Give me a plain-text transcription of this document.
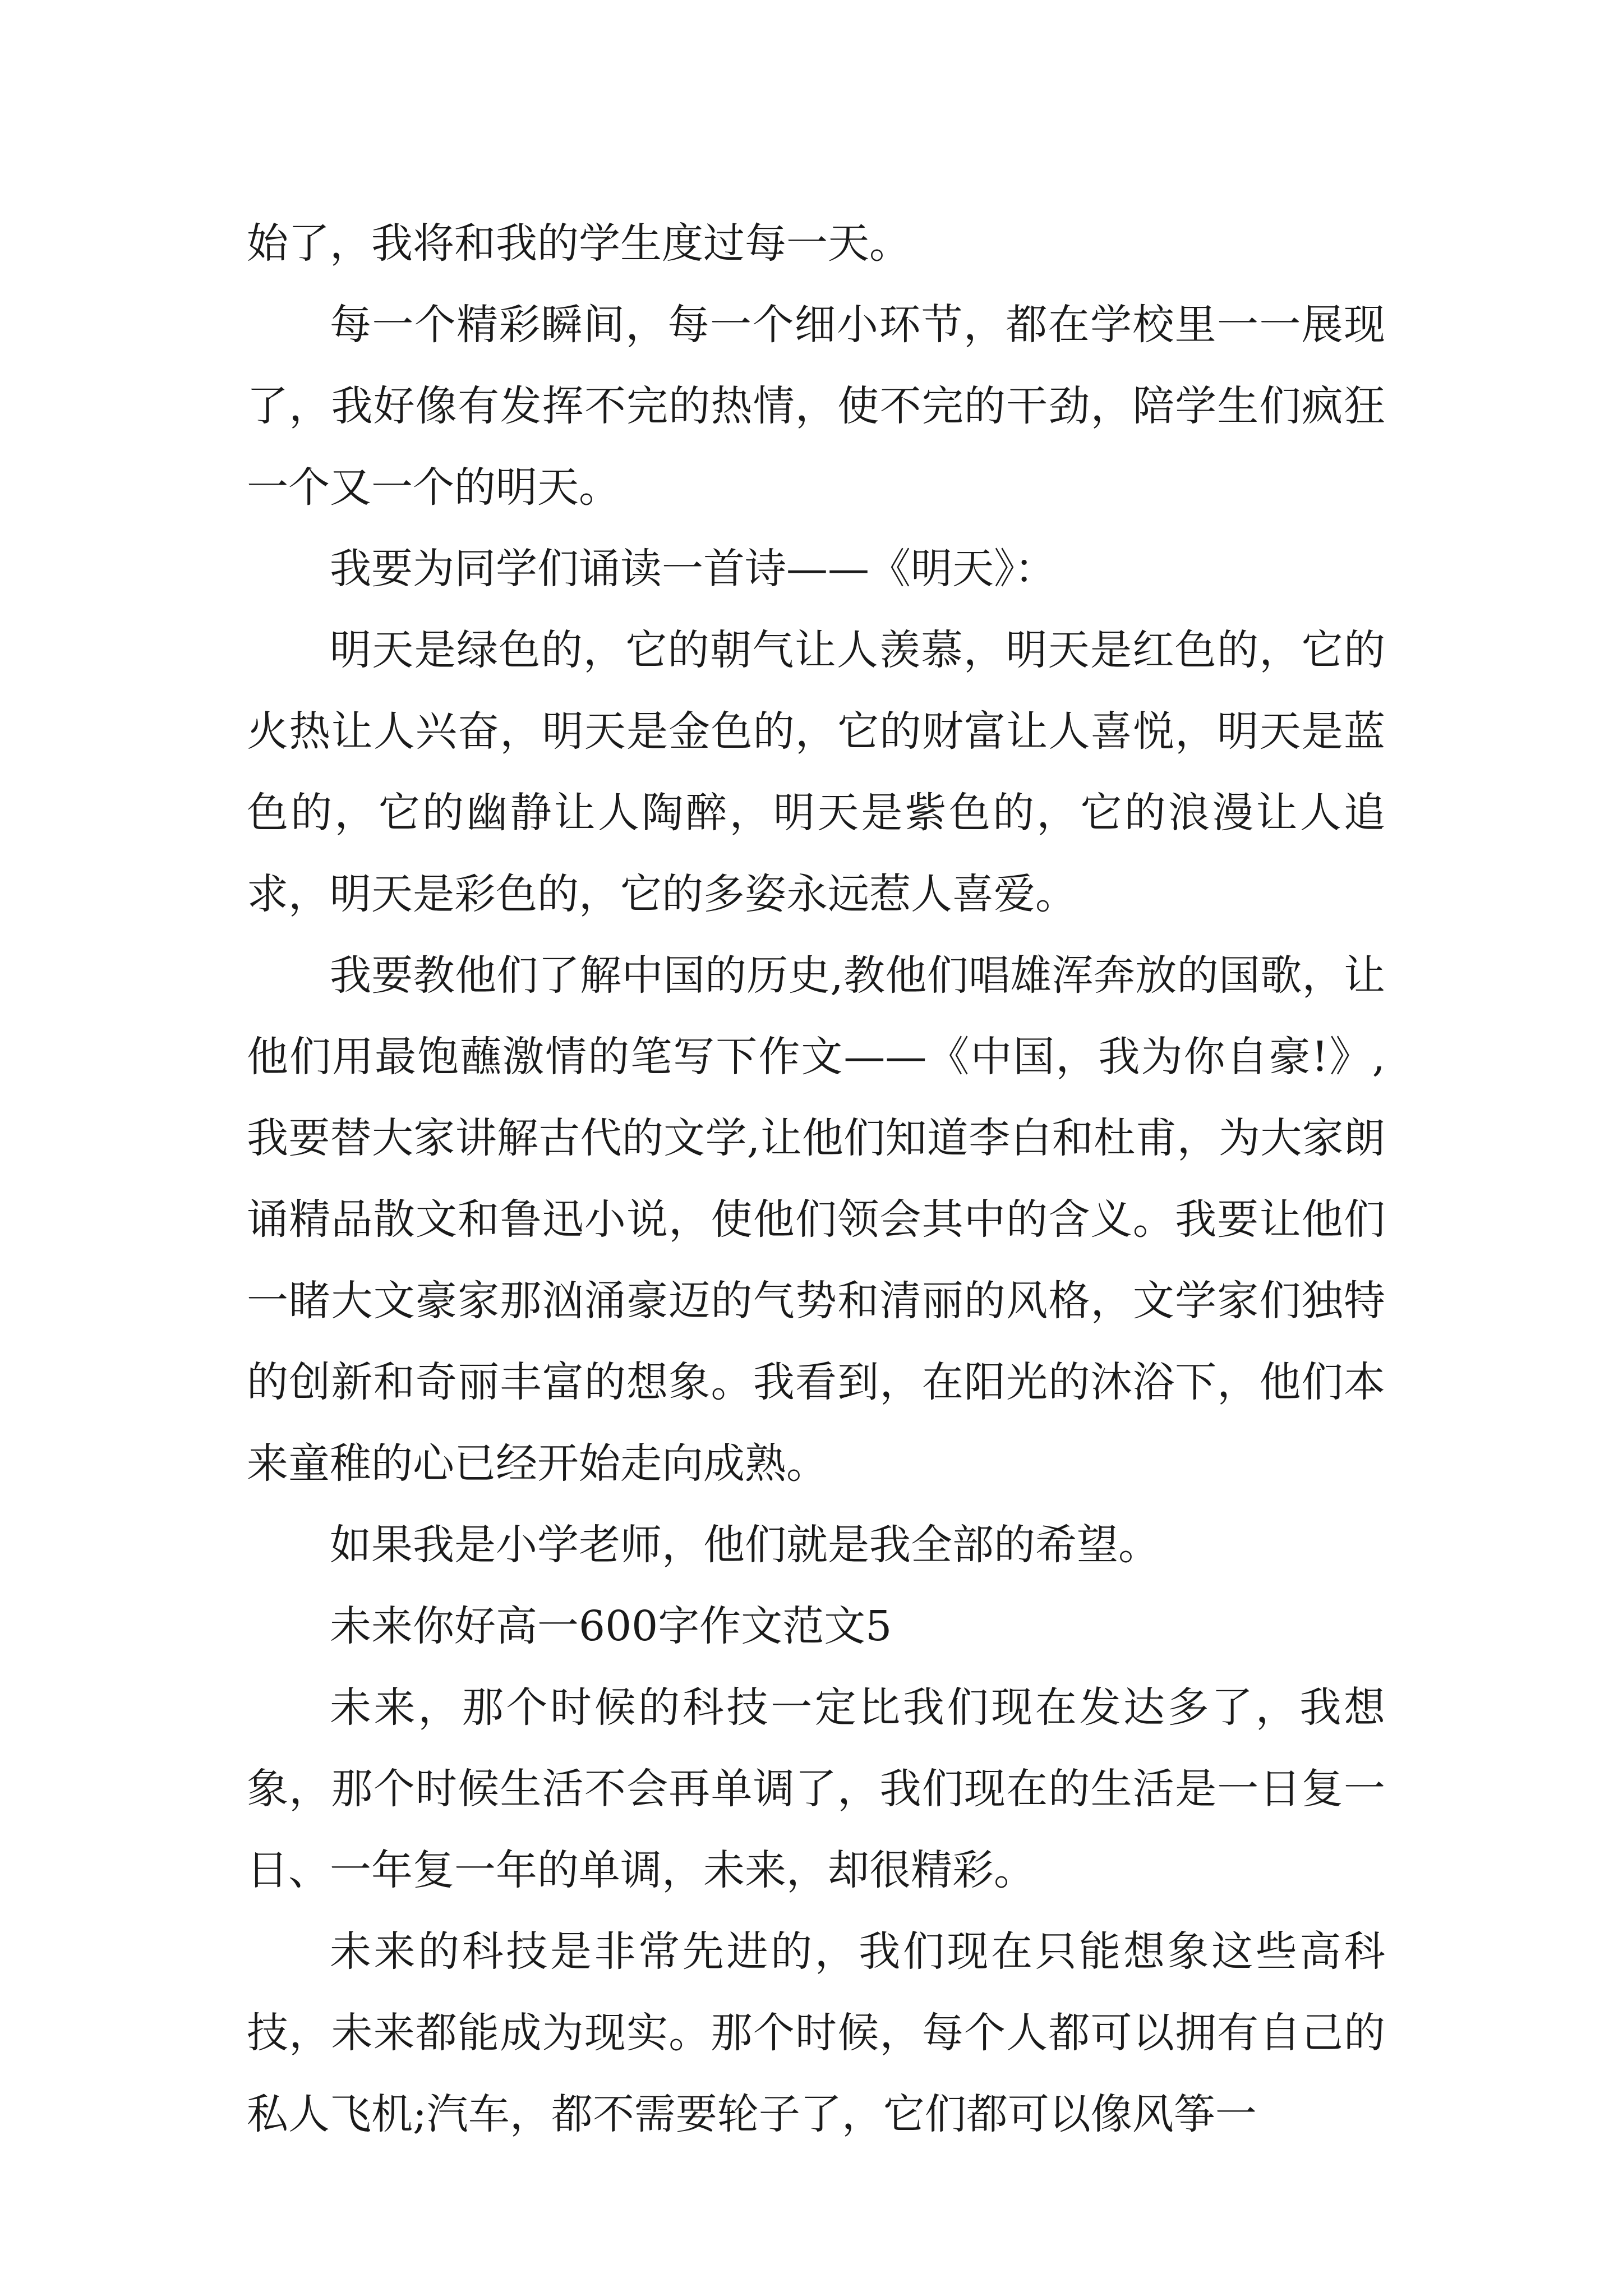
始了，我将和我的学生度过每一天。

每一个精彩瞬间，每一个细小环节，都在学校里一一展现了，我好像有发挥不完的热情，使不完的干劲，陪学生们疯狂一个又一个的明天。

我要为同学们诵读一首诗——《明天》：

明天是绿色的，它的朝气让人羡慕，明天是红色的，它的火热让人兴奋，明天是金色的，它的财富让人喜悦，明天是蓝色的，它的幽静让人陶醉，明天是紫色的，它的浪漫让人追求，明天是彩色的，它的多姿永远惹人喜爱。

我要教他们了解中国的历史,教他们唱雄浑奔放的国歌，让他们用最饱蘸激情的笔写下作文——《中国，我为你自豪!》,我要替大家讲解古代的文学,让他们知道李白和杜甫，为大家朗诵精品散文和鲁迅小说，使他们领会其中的含义。我要让他们一睹大文豪家那汹涌豪迈的气势和清丽的风格，文学家们独特的创新和奇丽丰富的想象。我看到，在阳光的沐浴下，他们本来童稚的心已经开始走向成熟。

如果我是小学老师，他们就是我全部的希望。

未来你好高一600字作文范文5

未来，那个时候的科技一定比我们现在发达多了，我想象，那个时候生活不会再单调了，我们现在的生活是一日复一日、一年复一年的单调，未来，却很精彩。

未来的科技是非常先进的，我们现在只能想象这些高科技，未来都能成为现实。那个时候，每个人都可以拥有自己的私人飞机;汽车，都不需要轮子了，它们都可以像风筝一
